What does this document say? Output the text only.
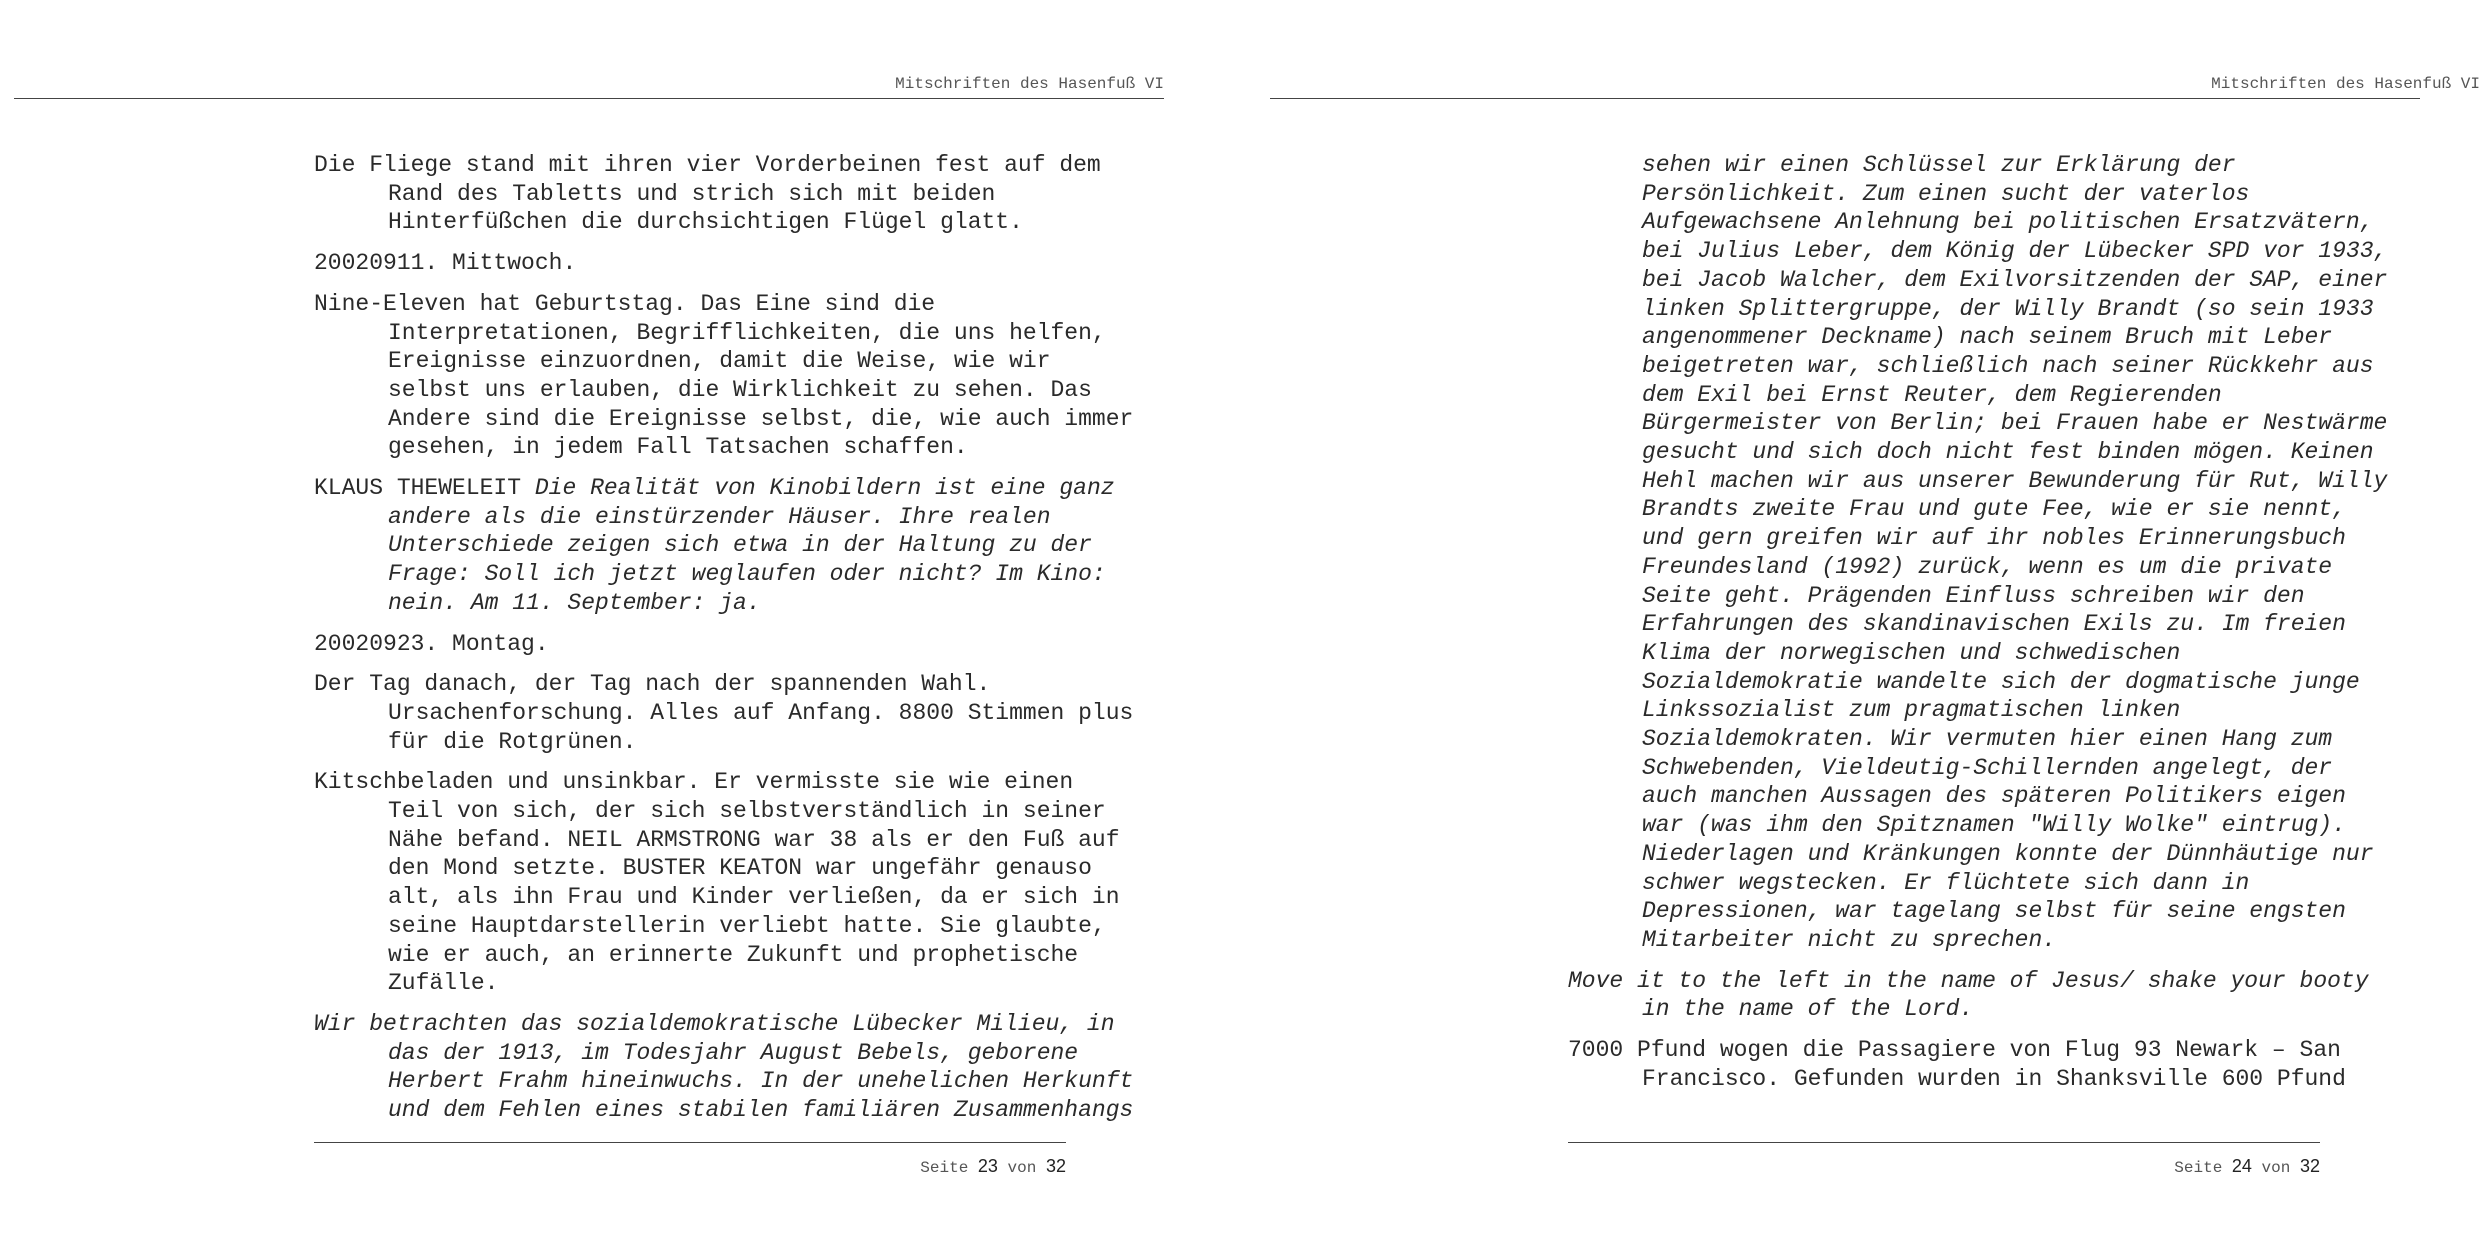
Mitschriften des Hasenfuß VI

Die Fliege stand mit ihren vier Vorderbeinen fest auf dem Rand des Tabletts und strich sich mit beiden Hinterfüßchen die durchsichtigen Flügel glatt.

20020911. Mittwoch.

Nine-Eleven hat Geburtstag. Das Eine sind die Interpretationen, Begrifflichkeiten, die uns helfen, Ereignisse einzuordnen, damit die Weise, wie wir selbst uns erlauben, die Wirklichkeit zu sehen. Das Andere sind die Ereignisse selbst, die, wie auch immer gesehen, in jedem Fall Tatsachen schaffen.

KLAUS THEWELEIT Die Realität von Kinobildern ist eine ganz andere als die einstürzender Häuser. Ihre realen Unterschiede zeigen sich etwa in der Haltung zu der Frage: Soll ich jetzt weglaufen oder nicht? Im Kino: nein. Am 11. September: ja.

20020923. Montag.

Der Tag danach, der Tag nach der spannenden Wahl. Ursachenforschung. Alles auf Anfang. 8800 Stimmen plus für die Rotgrünen.

Kitschbeladen und unsinkbar. Er vermisste sie wie einen Teil von sich, der sich selbstverständlich in seiner Nähe befand. NEIL ARMSTRONG war 38 als er den Fuß auf den Mond setzte. BUSTER KEATON war ungefähr genauso alt, als ihn Frau und Kinder verließen, da er sich in seine Hauptdarstellerin verliebt hatte. Sie glaubte, wie er auch, an erinnerte Zukunft und prophetische Zufälle.

Wir betrachten das sozialdemokratische Lübecker Milieu, in das der 1913, im Todesjahr August Bebels, geborene Herbert Frahm hineinwuchs. In der unehelichen Herkunft und dem Fehlen eines stabilen familiären Zusammenhangs

Seite 23 von 32
Mitschriften des Hasenfuß VI

sehen wir einen Schlüssel zur Erklärung der Persönlichkeit. Zum einen sucht der vaterlos Aufgewachsene Anlehnung bei politischen Ersatzvätern, bei Julius Leber, dem König der Lübecker SPD vor 1933, bei Jacob Walcher, dem Exilvorsitzenden der SAP, einer linken Splittergruppe, der Willy Brandt (so sein 1933 angenommener Deckname) nach seinem Bruch mit Leber beigetreten war, schließlich nach seiner Rückkehr aus dem Exil bei Ernst Reuter, dem Regierenden Bürgermeister von Berlin; bei Frauen habe er Nestwärme gesucht und sich doch nicht fest binden mögen. Keinen Hehl machen wir aus unserer Bewunderung für Rut, Willy Brandts zweite Frau und gute Fee, wie er sie nennt, und gern greifen wir auf ihr nobles Erinnerungsbuch Freundesland (1992) zurück, wenn es um die private Seite geht. Prägenden Einfluss schreiben wir den Erfahrungen des skandinavischen Exils zu. Im freien Klima der norwegischen und schwedischen Sozialdemokratie wandelte sich der dogmatische junge Linkssozialist zum pragmatischen linken Sozialdemokraten. Wir vermuten hier einen Hang zum Schwebenden, Vieldeutig-Schillernden angelegt, der auch manchen Aussagen des späteren Politikers eigen war (was ihm den Spitznamen "Willy Wolke" eintrug). Niederlagen und Kränkungen konnte der Dünnhäutige nur schwer wegstecken. Er flüchtete sich dann in Depressionen, war tagelang selbst für seine engsten Mitarbeiter nicht zu sprechen.

Move it to the left in the name of Jesus/ shake your booty in the name of the Lord.

7000 Pfund wogen die Passagiere von Flug 93 Newark – San Francisco. Gefunden wurden in Shanksville 600 Pfund

Seite 24 von 32
